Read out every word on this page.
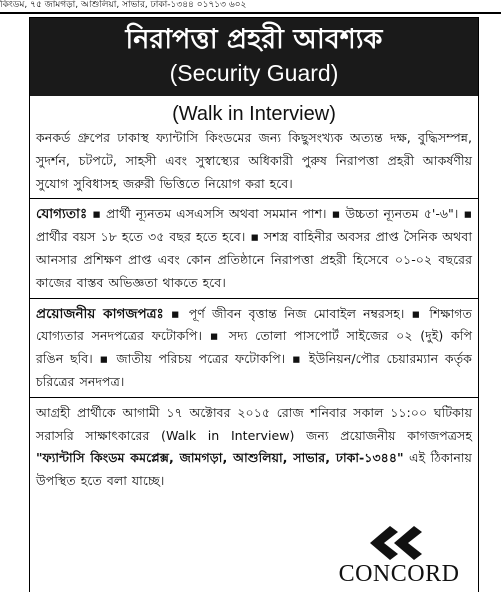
কিংডম, ৭৫ জামগড়া, আশুলিয়া, সাভার, ঢাকা-১৩৪৪ ০১৭১৩ ৬০২
নিরাপত্তা প্রহরী আবশ্যক
(Security Guard)
(Walk in Interview)
কনকর্ড গ্রুপের ঢাকাস্থ ফ্যান্টাসি কিংডমের জন্য কিছুসংখ্যক অত্যন্ত দক্ষ, বুদ্ধিসম্পন্ন, সুদর্শন, চটপটে, সাহসী এবং সুস্বাস্থ্যের অধিকারী পুরুষ নিরাপত্তা প্রহরী আকর্ষণীয় সুযোগ সুবিধাসহ জরুরী ভিত্তিতে নিয়োগ করা হবে।
যোগ্যতাঃ ▪ প্রার্থী ন্যূনতম এসএসসি অথবা সমমান পাশ। ▪ উচ্চতা ন্যূনতম ৫'-৬"। ▪ প্রার্থীর বয়স ১৮ হতে ৩৫ বছর হতে হবে। ▪ সশস্ত্র বাহিনীর অবসর প্রাপ্ত সৈনিক অথবা আনসার প্রশিক্ষণ প্রাপ্ত এবং কোন প্রতিষ্ঠানে নিরাপত্তা প্রহরী হিসেবে ০১-০২ বছরের কাজের বাস্তব অভিজ্ঞতা থাকতে হবে।
প্রয়োজনীয় কাগজপত্রঃ ▪ পূর্ণ জীবন বৃত্তান্ত নিজ মোবাইল নম্বরসহ। ▪ শিক্ষাগত যোগ্যতার সনদপত্রের ফটোকপি। ▪ সদ্য তোলা পাসপোর্ট সাইজের ০২ (দুই) কপি রঙিন ছবি। ▪ জাতীয় পরিচয় পত্রের ফটোকপি। ▪ ইউনিয়ন/পৌর চেয়ারম্যান কর্তৃক চরিত্রের সনদপত্র।
আগ্রহী প্রার্থীকে আগামী ১৭ অক্টোবর ২০১৫ রোজ শনিবার সকাল ১১:০০ ঘটিকায় সরাসরি সাক্ষাৎকারের (Walk in Interview) জন্য প্রয়োজনীয় কাগজপত্রসহ "ফ্যান্টাসি কিংডম কমপ্লেক্স, জামগড়া, আশুলিয়া, সাভার, ঢাকা-১৩৪৪" এই ঠিকানায় উপস্থিত হতে বলা যাচ্ছে।
CONCORD
